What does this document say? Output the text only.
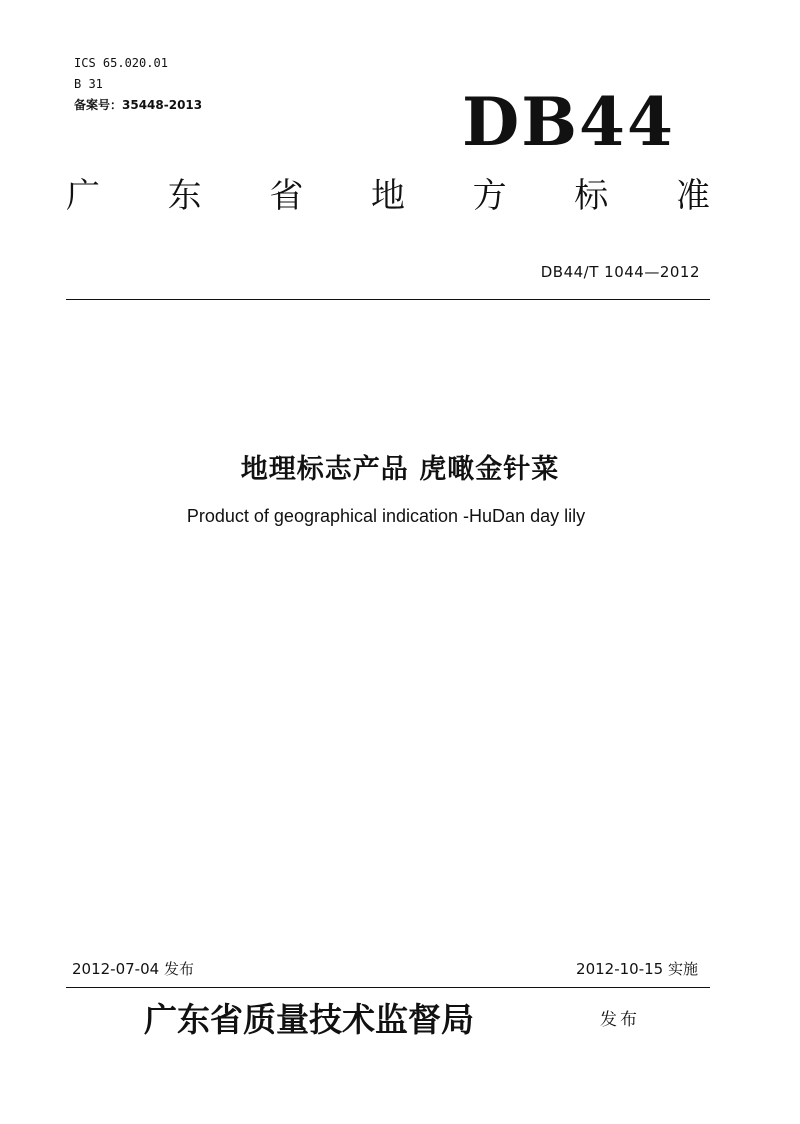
ICS 65.020.01
B 31
备案号：35448-2013	DB44
广 东 省 地 方 标 准
DB44/T 1044—2012
地理标志产品 虎噉金针菜
Product of geographical indication -HuDan day lily
2012-07-04 发布	2012-10-15 实施
广东省质量技术监督局	发布
